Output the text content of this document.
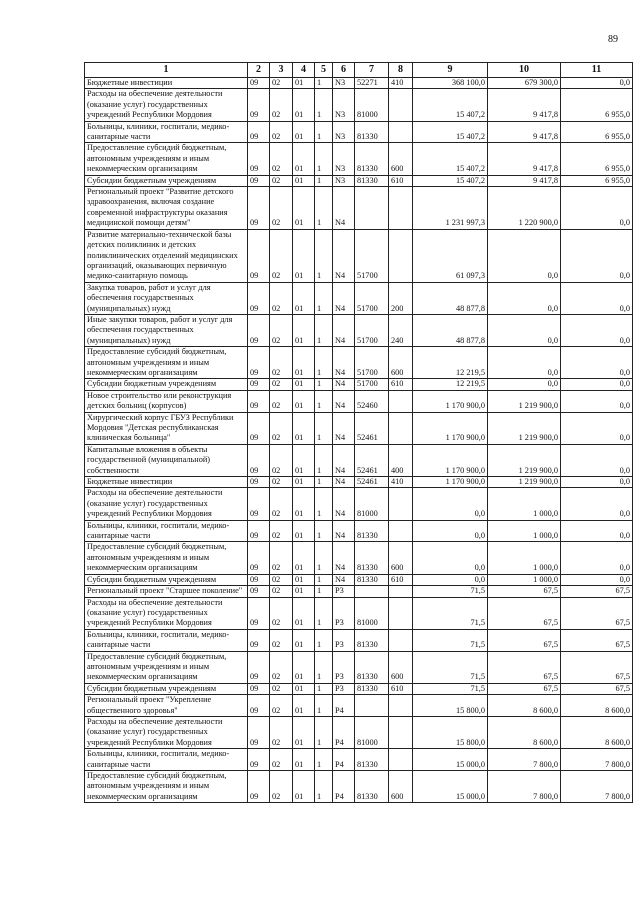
89
1	2	3	4	5	6	7	8	9	10	11
Бюджетные инвестиции	09	02	01	1	N3	52271	410	368 100,0	679 300,0	0,0
Расходы на обеспечение деятельности (оказание услуг) государственных учреждений Республики Мордовия	09	02	01	1	N3	81000		15 407,2	9 417,8	6 955,0
Больницы, клиники, госпитали, медико-санитарные части	09	02	01	1	N3	81330		15 407,2	9 417,8	6 955,0
Предоставление субсидий бюджетным, автономным учреждениям и иным некоммерческим организациям	09	02	01	1	N3	81330	600	15 407,2	9 417,8	6 955,0
Субсидии бюджетным учреждениям	09	02	01	1	N3	81330	610	15 407,2	9 417,8	6 955,0
Региональный проект "Развитие детского здравоохранения, включая создание современной инфраструктуры оказания медицинской помощи детям"	09	02	01	1	N4			1 231 997,3	1 220 900,0	0,0
Развитие материально-технической базы детских поликлиник и детских поликлинических отделений медицинских организаций, оказывающих первичную медико-санитарную помощь	09	02	01	1	N4	51700		61 097,3	0,0	0,0
Закупка товаров, работ и услуг для обеспечения государственных (муниципальных) нужд	09	02	01	1	N4	51700	200	48 877,8	0,0	0,0
Иные закупки товаров, работ и услуг для обеспечения государственных (муниципальных) нужд	09	02	01	1	N4	51700	240	48 877,8	0,0	0,0
Предоставление субсидий бюджетным, автономным учреждениям и иным некоммерческим организациям	09	02	01	1	N4	51700	600	12 219,5	0,0	0,0
Субсидии бюджетным учреждениям	09	02	01	1	N4	51700	610	12 219,5	0,0	0,0
Новое строительство или реконструкция детских больниц (корпусов)	09	02	01	1	N4	52460		1 170 900,0	1 219 900,0	0,0
Хирургический корпус ГБУЗ Республики Мордовия "Детская республиканская клиническая больница"	09	02	01	1	N4	52461		1 170 900,0	1 219 900,0	0,0
Капитальные вложения в объекты государственной (муниципальной) собственности	09	02	01	1	N4	52461	400	1 170 900,0	1 219 900,0	0,0
Бюджетные инвестиции	09	02	01	1	N4	52461	410	1 170 900,0	1 219 900,0	0,0
Расходы на обеспечение деятельности (оказание услуг) государственных учреждений Республики Мордовия	09	02	01	1	N4	81000		0,0	1 000,0	0,0
Больницы, клиники, госпитали, медико-санитарные части	09	02	01	1	N4	81330		0,0	1 000,0	0,0
Предоставление субсидий бюджетным, автономным учреждениям и иным некоммерческим организациям	09	02	01	1	N4	81330	600	0,0	1 000,0	0,0
Субсидии бюджетным учреждениям	09	02	01	1	N4	81330	610	0,0	1 000,0	0,0
Региональный проект "Старшее поколение"	09	02	01	1	P3			71,5	67,5	67,5
Расходы на обеспечение деятельности (оказание услуг) государственных учреждений Республики Мордовия	09	02	01	1	P3	81000		71,5	67,5	67,5
Больницы, клиники, госпитали, медико-санитарные части	09	02	01	1	P3	81330		71,5	67,5	67,5
Предоставление субсидий бюджетным, автономным учреждениям и иным некоммерческим организациям	09	02	01	1	P3	81330	600	71,5	67,5	67,5
Субсидии бюджетным учреждениям	09	02	01	1	P3	81330	610	71,5	67,5	67,5
Региональный проект "Укрепление общественного здоровья"	09	02	01	1	P4			15 800,0	8 600,0	8 600,0
Расходы на обеспечение деятельности (оказание услуг) государственных учреждений Республики Мордовия	09	02	01	1	P4	81000		15 800,0	8 600,0	8 600,0
Больницы, клиники, госпитали, медико-санитарные части	09	02	01	1	P4	81330		15 000,0	7 800,0	7 800,0
Предоставление субсидий бюджетным, автономным учреждениям и иным некоммерческим организациям	09	02	01	1	P4	81330	600	15 000,0	7 800,0	7 800,0
